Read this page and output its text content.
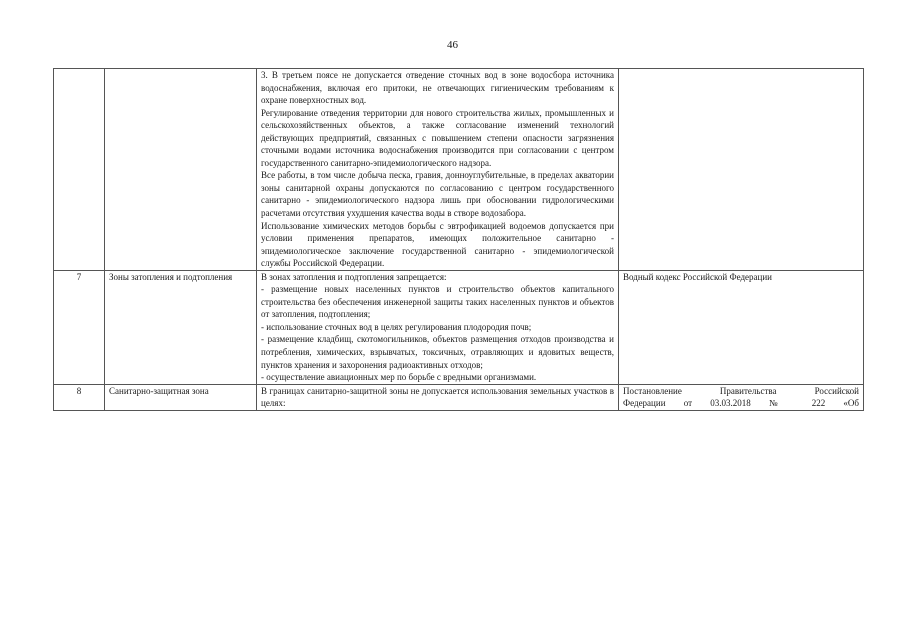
46

		3. В третьем поясе не допускается отведение сточных вод в зоне водосбора источника водоснабжения, включая его притоки, не отвечающих гигиеническим требованиям к охране поверхностных вод.
Регулирование отведения территории для нового строительства жилых, промышленных и сельскохозяйственных объектов, а также согласование изменений технологий действующих предприятий, связанных с повышением степени опасности загрязнения сточными водами источника водоснабжения производится при согласовании с центром государственного санитарно-эпидемиологического надзора.
Все работы, в том числе добыча песка, гравия, донноуглубительные, в пределах акватории зоны санитарной охраны допускаются по согласованию с центром государственного санитарно - эпидемиологического надзора лишь при обосновании гидрологическими расчетами отсутствия ухудшения качества воды в створе водозабора.
Использование химических методов борьбы с эвтрофикацией водоемов допускается при условии применения препаратов, имеющих положительное санитарно - эпидемиологическое заключение государственной санитарно - эпидемиологической службы Российской Федерации.	

7	Зоны затопления и подтопления	В зонах затопления и подтопления запрещается:
- размещение новых населенных пунктов и строительство объектов капитального строительства без обеспечения инженерной защиты таких населенных пунктов и объектов от затопления, подтопления;
- использование сточных вод в целях регулирования плодородия почв;
- размещение кладбищ, скотомогильников, объектов размещения отходов производства и потребления, химических, взрывчатых, токсичных, отравляющих и ядовитых веществ, пунктов хранения и захоронения радиоактивных отходов;
- осуществление авиационных мер по борьбе с вредными организмами.	Водный кодекс Российской Федерации
8	Санитарно-защитная зона	В границах санитарно-защитной зоны не допускается использования земельных участков в целях:	Постановление Правительства Российской
Федерации от 03.03.2018 № 222 «Об
